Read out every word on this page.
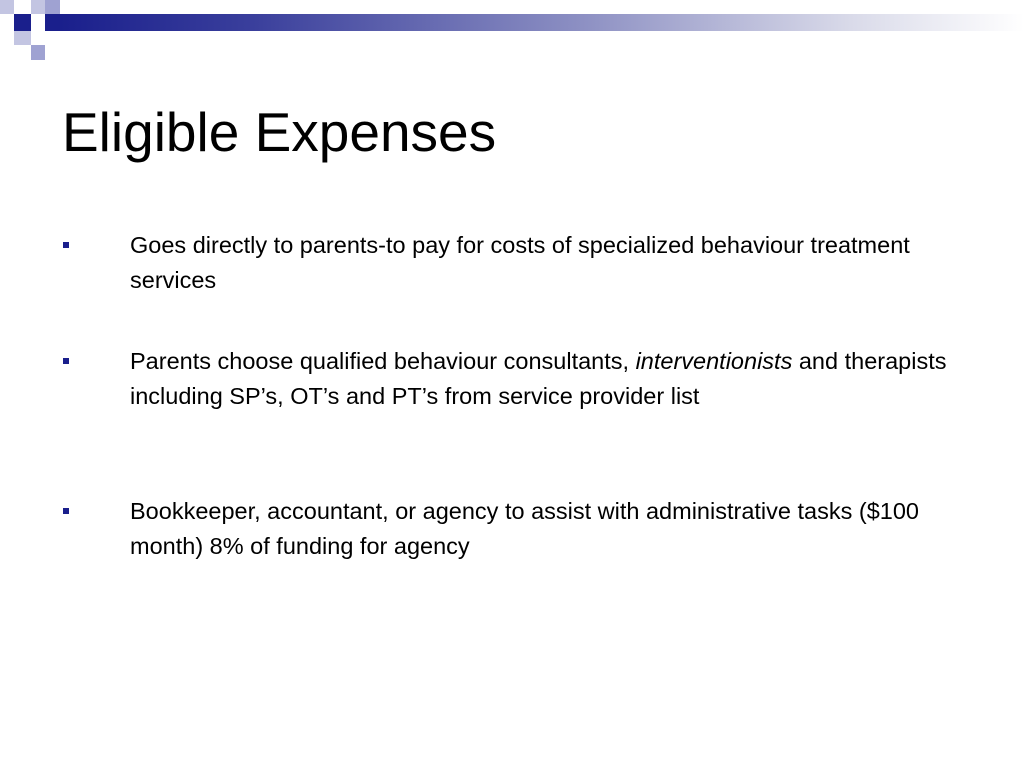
Eligible Expenses
Goes directly to parents-to pay for costs of specialized behaviour treatment services
Parents choose qualified behaviour consultants, interventionists and therapists including SP’s, OT’s and PT’s from service provider list
Bookkeeper, accountant, or agency to assist with administrative tasks ($100 month) 8% of funding for agency
